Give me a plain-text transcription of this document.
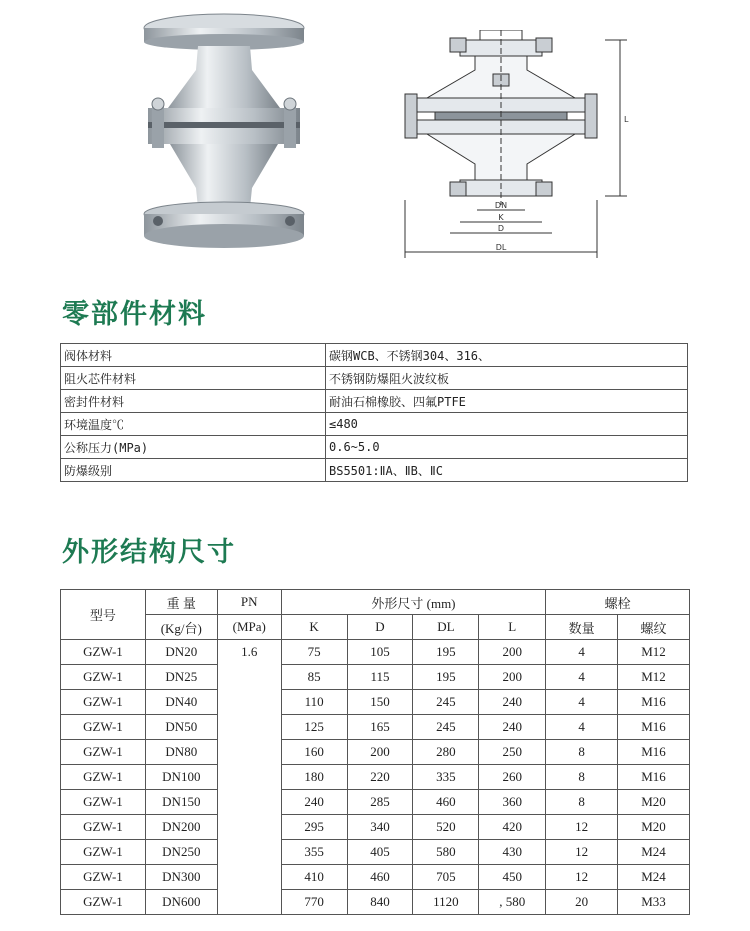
DN
K
D
DL
L
零部件材料
阀体材料	碳钢WCB、不锈钢304、316、
阻火芯件材料	不锈钢防爆阻火波纹板
密封件材料	耐油石棉橡胶、四氟PTFE
环境温度℃	≤480
公称压力(MPa)	0.6~5.0
防爆级别	BS5501:ⅡA、ⅡB、ⅡC
外形结构尺寸
型号	重 量	PN	外形尺寸 (mm)				螺栓	
	(Kg/台)	(MPa)	K	D	DL	L	数量	螺纹
GZW-1	DN20	1.6	75	105	195	200	4	M12
GZW-1	DN25		85	115	195	200	4	M12
GZW-1	DN40		110	150	245	240	4	M16
GZW-1	DN50		125	165	245	240	4	M16
GZW-1	DN80		160	200	280	250	8	M16
GZW-1	DN100		180	220	335	260	8	M16
GZW-1	DN150		240	285	460	360	8	M20
GZW-1	DN200		295	340	520	420	12	M20
GZW-1	DN250		355	405	580	430	12	M24
GZW-1	DN300		410	460	705	450	12	M24
GZW-1	DN600		770	840	1120	, 580	20	M33
